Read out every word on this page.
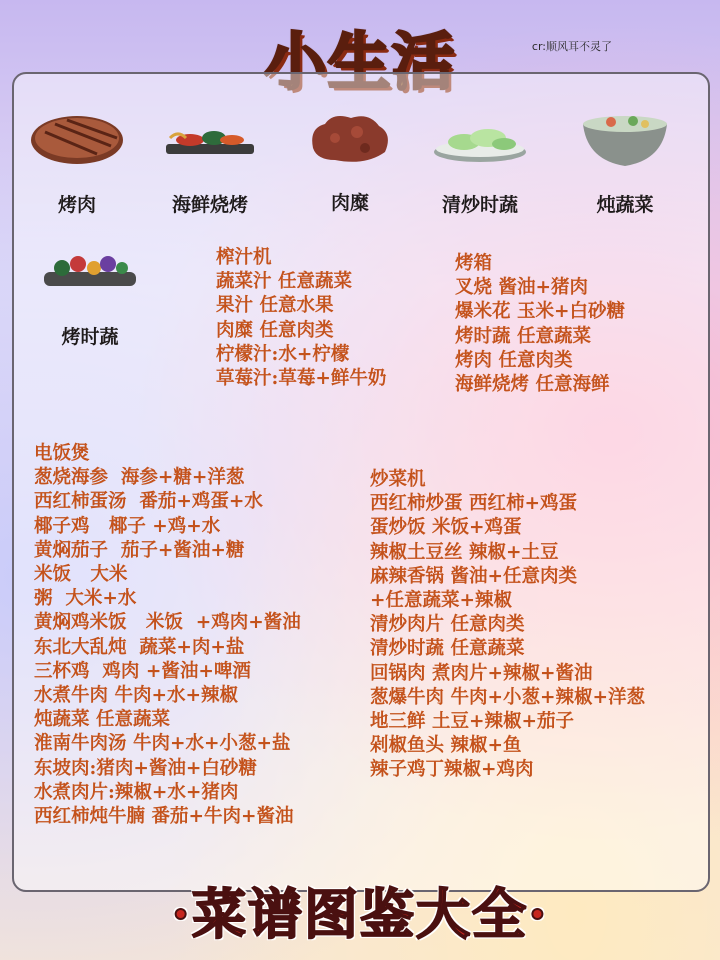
小生活	cr:顺风耳不灵了
烤肉	海鲜烧烤	肉糜	清炒时蔬	炖蔬菜
烤时蔬
榨汁机
蔬菜汁 任意蔬菜
果汁 任意水果
肉糜 任意肉类
柠檬汁:水+柠檬
草莓汁:草莓+鲜牛奶
烤箱
叉烧 酱油+猪肉
爆米花 玉米+白砂糖
烤时蔬 任意蔬菜
烤肉 任意肉类
海鲜烧烤 任意海鲜
电饭煲
葱烧海参  海参+糖+洋葱
西红柿蛋汤  番茄+鸡蛋+水
椰子鸡   椰子 +鸡+水
黄焖茄子  茄子+酱油+糖
米饭   大米
粥  大米+水
黄焖鸡米饭   米饭  +鸡肉+酱油
东北大乱炖  蔬菜+肉+盐
三杯鸡  鸡肉 +酱油+啤酒
水煮牛肉 牛肉+水+辣椒
炖蔬菜 任意蔬菜
淮南牛肉汤 牛肉+水+小葱+盐
东坡肉:猪肉+酱油+白砂糖
水煮肉片:辣椒+水+猪肉
西红柿炖牛腩 番茄+牛肉+酱油
炒菜机
西红柿炒蛋 西红柿+鸡蛋
蛋炒饭 米饭+鸡蛋
辣椒土豆丝 辣椒+土豆
麻辣香锅 酱油+任意肉类
+任意蔬菜+辣椒
清炒肉片 任意肉类
清炒时蔬 任意蔬菜
回锅肉 煮肉片+辣椒+酱油
葱爆牛肉 牛肉+小葱+辣椒+洋葱
地三鲜 土豆+辣椒+茄子
剁椒鱼头 辣椒+鱼
辣子鸡丁辣椒+鸡肉
·菜谱图鉴大全·
